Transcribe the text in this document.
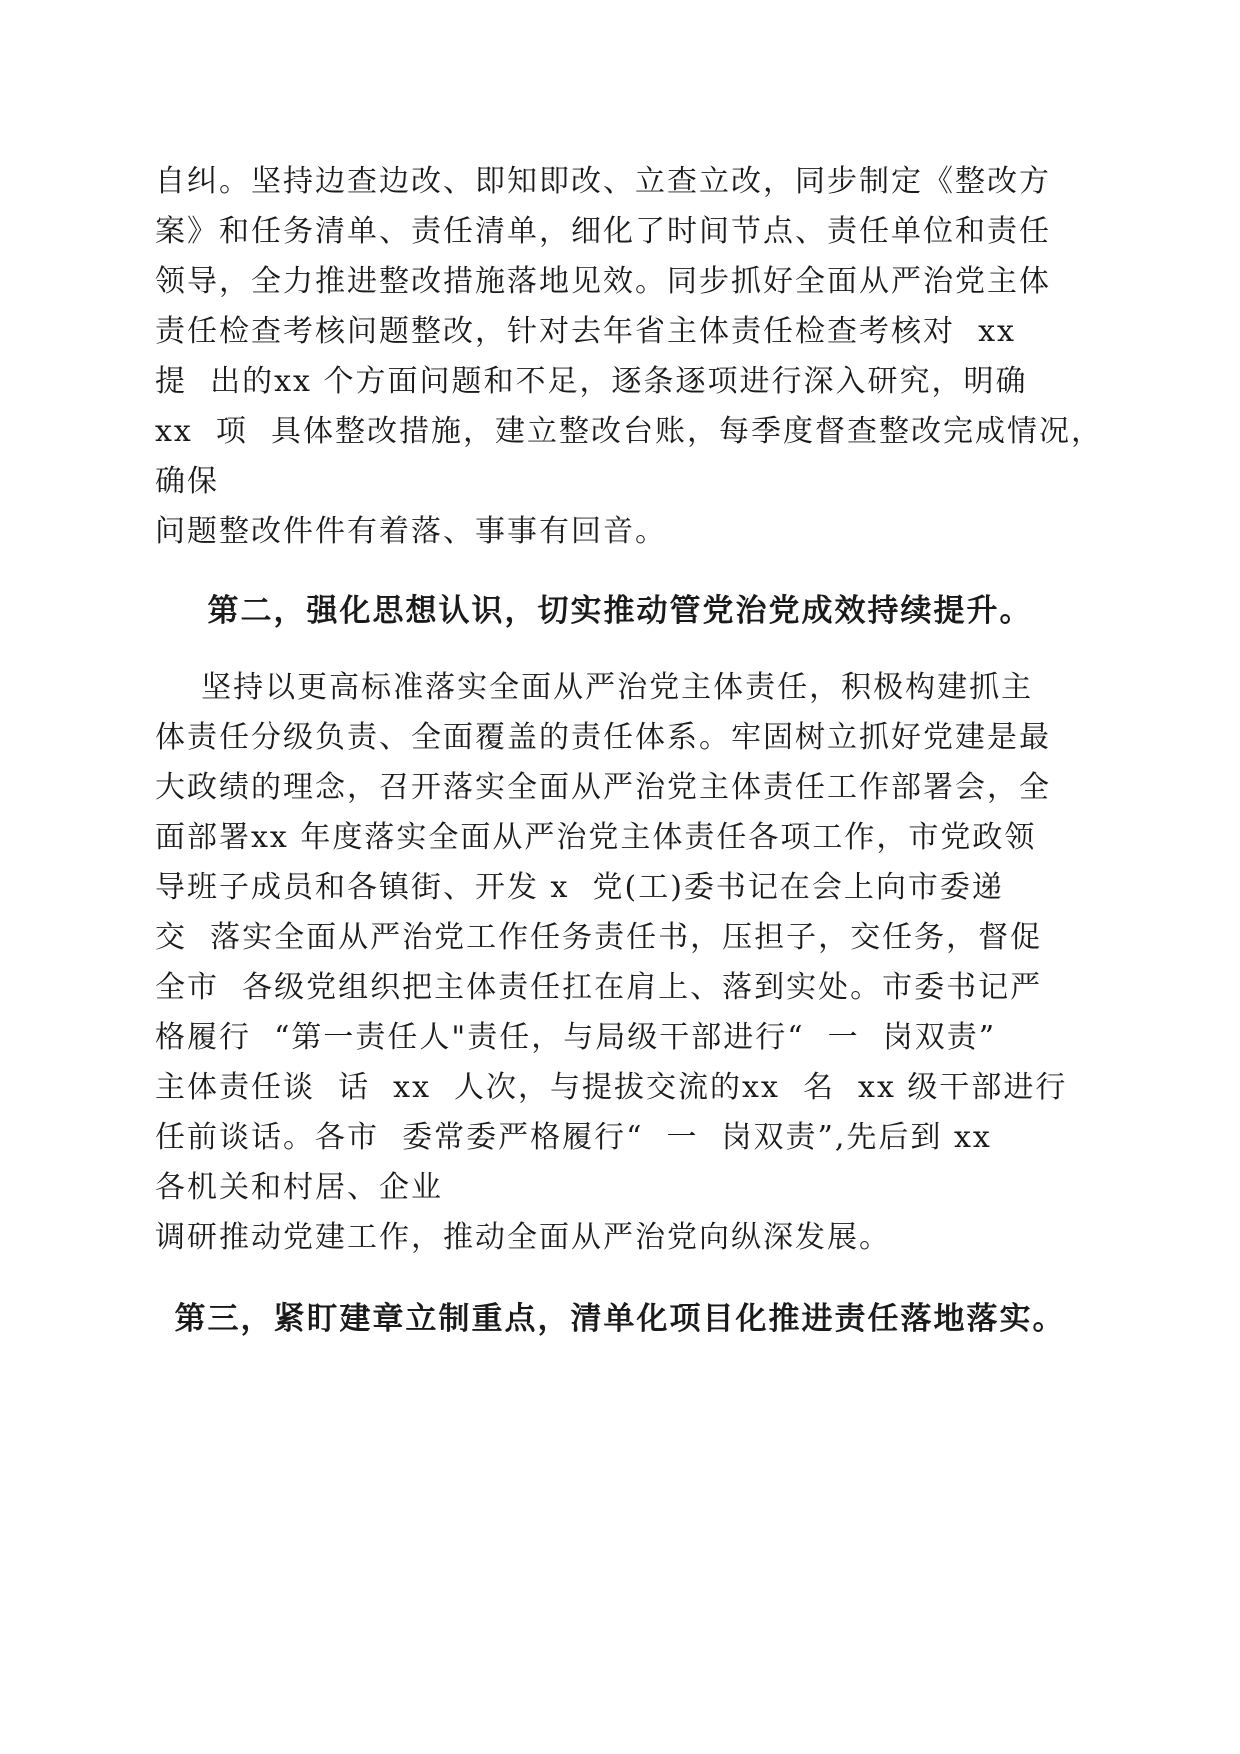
自纠。坚持边查边改、即知即改、立查立改，同步制定《整改方
案》和任务清单、责任清单，细化了时间节点、责任单位和责任
领导，全力推进整改措施落地见效。同步抓好全面从严治党主体
责任检查考核问题整改，针对去年省主体责任检查考核对  xx
提  出的xx 个方面问题和不足，逐条逐项进行深入研究，明确
xx  项  具体整改措施，建立整改台账，每季度督查整改完成情况，
确保
问题整改件件有着落、事事有回音。
第二，强化思想认识，切实推动管党治党成效持续提升。
坚持以更高标准落实全面从严治党主体责任，积极构建抓主
体责任分级负责、全面覆盖的责任体系。牢固树立抓好党建是最
大政绩的理念，召开落实全面从严治党主体责任工作部署会，全
面部署xx 年度落实全面从严治党主体责任各项工作，市党政领
导班子成员和各镇街、开发 x  党(工)委书记在会上向市委递
交  落实全面从严治党工作任务责任书，压担子，交任务，督促
全市  各级党组织把主体责任扛在肩上、落到实处。市委书记严
格履行  “第一责任人"责任，与局级干部进行“  一  岗双责”
主体责任谈  话  xx  人次，与提拔交流的xx  名  xx 级干部进行
任前谈话。各市  委常委严格履行“  一  岗双责”,先后到 xx
各机关和村居、企业
调研推动党建工作，推动全面从严治党向纵深发展。
第三，紧盯建章立制重点，清单化项目化推进责任落地落实。
